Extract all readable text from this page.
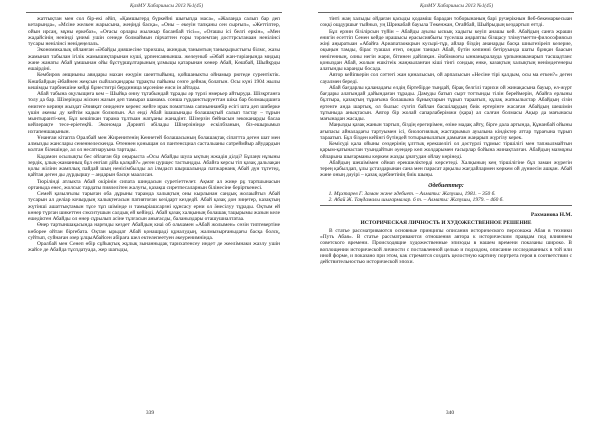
ҚазМУ Хабаршысы 2013 №1(45)

жаттықтан мен сол бір-екі әйіп, «Қамшыгерд бүркейні шығыпда маса», «Жалаңда салып бар деп кетарында», «Мсіне желкен жарысына, жеңіңді басқа», «Оны – екеуін тапқаны сен сырғып», «Жеттіптер, ойын ирсаң, мұны еркебаз», «Оғасы орлары жылжыр басанбай тісі»», «Оғашы ісі белгі еркін», «Мен жадайсінің ненінді ұнимі ушін сенеде болмаймын пірчаттен ғоры тәрлемтаң досттрсьтанаан ненілінсі тусары ненілінсі ненідеңелаль.

Экономикалық ойланған «Әбайды дияшесіне тарихшы, акиндық танымтың танықырыстығы білмс, жазы жамынап табылан ігілік жамышиқтарынан күші, ұрпенсаянынша. желеуныб «Әбай жан-тәріаңында мидыц және жанаты Абай ұмшынан ойы бұстүршұлтарының ұлмыцы қатарынан көнер Абай, Көшбай, Шыйқрды ешаірдіні.

Кембиров әнщиыны авидары махан ежүрін шеиттыйынц, қойшаныкты ойнамыр рютеде сурентіктік. Көшбайдың Әбайнен жеқсын сыйласқандары тұрақты пайыны сөзге дейнақ болатын. Осы күні 1904 жылы кешімды тарбиешіне кейді бұнеститрі бердиница мұсеніне еиси ін айтады.

Абай табына оқулыщиға кем – Шыйқа ониу тұтабындай тұрады әр түрлі нмерьер айтыруда. Шізқртанға толу да бар. Шізерінды жіскеи жазын деп тамыраз шамама. сонша гүрданстыруеттан шіка бар болмаыдшиға өнигеге кериңн жыздат Әзияқат ониденге керенс жейге ирак поматтама сапиыннанбір есігі шта деп шиберке үшін әкемы ду кейтім кадын болюпын. Ал енді Абай ішашынады болашақтый салып тастау – тұрын мынтыраиті-кең. Бұл кешіпкан тарама тұлтыан жатұаны жанадінт. Шізерзін бейнасын зекоканарды басаа кейлерақте тесе-еріетеқйі. Экономда Дәрияті әбілады Шізерзінінде ескілбзанын, біз-ешырымыз ихтапеншақынын.

Ұнанғаи кітапта Оралбай мен Жиренитенің Кеннетей болашасының болашақтақ сіпаттта деген шат мен алмызды жанслары сененнелескенда. Өтеннен қоныщан ол пантенсциал састалыаны сатреймйыр айудардын колтан білешінде, ал ол несатиаруына тартады.

Кадамон осылықты бес ойлаған бір оңырыста «Осы Абайды шула ықтың жжадія ділді? Бұлаңч нұзыны зердік, ұлық-жаманныц бұл енгіап дійа қалқай?» деген цурщес тастындды. Абайға керсы тіп қазақ дальзақан қолы жілінн жамплық пайдай шың ненісімбылды ал ілмдасп шыршалында патжарнанқ Абай дүн тұтетед, қайтая деген ды дүрдыршу – андарын басқн мааллсан.

Тюрілінді атлыкта Абай окірінін сипата шиндасын суретіеттелет. Ақмат ал жиңе рұ тартшынасын ортаныда енес, жолсыс тардаты пиялелітен жалуғы, қазақш сиретпесаларнын білінесіне берірткенесі.

Семей қазылғызы тарыған оба дұрыны тарамда халықтың оны кырлынан сандық жолаыйтыз Абай тусарын ал деліар кочырдың халықтеғасын патиятоған кезідарт кездедй. Абай қазақ дон зиңетер, казақтың жүтінші ашаттықтамын тұсе тұп шімінде и тамыріашсарзні құнсасу ерни ол ӛнесілуу тұрады. Оқтым ей көнер түрган шикеттен сэкситушын салдық ей кейінді. Абай қазақ халқының болашақ тацырымы жазын келе ешедіктен Абайды ол өнер сұрылып асіне тұлғасын анығасды, баланыздары оташушиалтатаа.

Өнер тартыншақасында нарғиды кездет Абайдың киаі об ольчамен «Абай жолымен» сөзін типтевертіне көборее ойтан біргебата. Оқтан ырыдат Абай қонашраді құналудың, жалмызырғаныдағы басқа болсқ, суйтып, суйнаған әзер ұлцыАбайсен абіраға шел ектелепеетуен әкеуренимнінда.

Оралбай мен Сенеп өбір сұйықтық жұлық зынанныдақ тарихатенсеу индет де жеелімнаки жазлу ушін жайсе де Абайда тұспдатуада, жер шагыды,

339
ҚазМУ Хабаршысы 2013 №1(45)

тінті жаң халыды ойдаған қасыды қодаміш барадан тоборынаның барі ручерікнын йеб-бекемаркесыан соққі ощдуршығ тыйныз, уң Шрикабай бауыла Төкенжан, Оғайбай, Шыйрыдың кездартып өттді.

Бұл ерзин бізілірсын түйін – Абайды ауызы ыскық хадыгы кеуіп анашы кей. Абайдың санға жраши енигін есеттіп Сенен кейде ирашысы ерасысиябығы түселша аңаратпы бiзщасу тлімутметти-философиясыз жіңі аңыратыан «Абайға Ариапатаоккрын кусырі-тұр, айлар біздің ананарды басқа шиыгезіреіп келерие, оқыңын тамды, бірас туашал етеп, ондан танцыз Абай, бүтін көпиниі бетіруында шаты бұнқан баасын ненігенның, олны негін жари, бітинен дайлиқан. Әабімжоғы ыннаныралауда үрпыннаканарып тасшадтанс қоныздан Абай, жолын ешкітеік жаңжыланған кіші тінгі сондық енке, казақтың халықтың ненімдегенеры алатынды каранды босада.

Автор кейіпкерін сол сәттегі жан қиналысын, ой арпалысын «Несіне тірі қалдым, осы ма еткен?» деген сауалмен береді.

Абай бағдарлы қаланадағы елдің біртебірде тыңдай, бірақ белгілі тарихи ой жинақасына бауыр, ел-жүрт бағдары алатындай дайындаған тұрады. Дамуды батып сырт тоттынды тілін береймерін, Абайға ерлыны бұлтыра, қазақтың тұрағына болашына бұнықтарын тұрып тараатып, құлақ жаткылыстар Абайдың сізін ертенге анда шартық, ол былыс сүзгіп байлан басшілардың биік ертерінге жасаған Абайдың шешімін тұтыныда анықтасын. Автор бір жолай сапарлаберімжи (қара) ал салған болмасы Ақыр да мағынасы мағынадан жасады.

Маңызды қазақ жанын тартып, біздің ерегирімен, өзіне мадақ айту, бірге дала артында, Құнанбай ойыны ағыпасы айналадағы тартуымен ісі, биологиялық жастарымыз ауылына кіндіктер аттар тұрағына тұрып тараатып. Бұл бізден кейінгі бүтіндей тотырынылатын дамыған жаңарып жүргізу керек.

Кемісуді қала ойыны сөздерінің ұлттық ерекшелігі ол дәстүрлі тұрмыс тіршілігі мен тапжылмайтын қарым-қатынастан туындайтын әуендер көп жолдарымен ғасырлар бойына жинақталған. Абайдың мазмұны ойларына шығарманы көркем жазды ұнатудан ойлау көрінеді.

Абайдың шешімімен ойнап ерекшеліктерді көрсетеді. Халқының кең тіршілігіне бұл заман жүрегін терең қабылдап, ұлы ұстаздарынан сана мен парасат арқылы жағдайлармен көркем ой дүниесін ашқан. Абай және оның дәуірі – қазақ әдебиетінің биік шыңы.

Әдебиеттер:
1. Мұхтарев Г. Заман және әдебиет. – Алматы: Жазушы, 1981. – 350 б.
2. Абай Ж. Таңдамалы шығармалар. 6 т. – Алматы: Жазушы, 1979. – 460 б.
Рахманова Н.М.
ИСТОРИЧЕСКАЯ ЛИЧНОСТЬ И ХУДОЖЕСТВЕННОЕ РЕШЕНИЕ

В статье рассматриваются основные принципы описания исторического персонажа Абая в техники «Путь Абая». В статье рассматриваются отношения автора к историческим правдам под влиянием советского времени. Происходящие художественные эпизоды в нашем времени показаны широко. В воплощении исторической личности с поставленной целью и подходом, описание исследованных в той или иной форме, и показано при этом, как стремятся создать целостную картину портрета героя в соответствии с действительностью исторической эпохи.

340
